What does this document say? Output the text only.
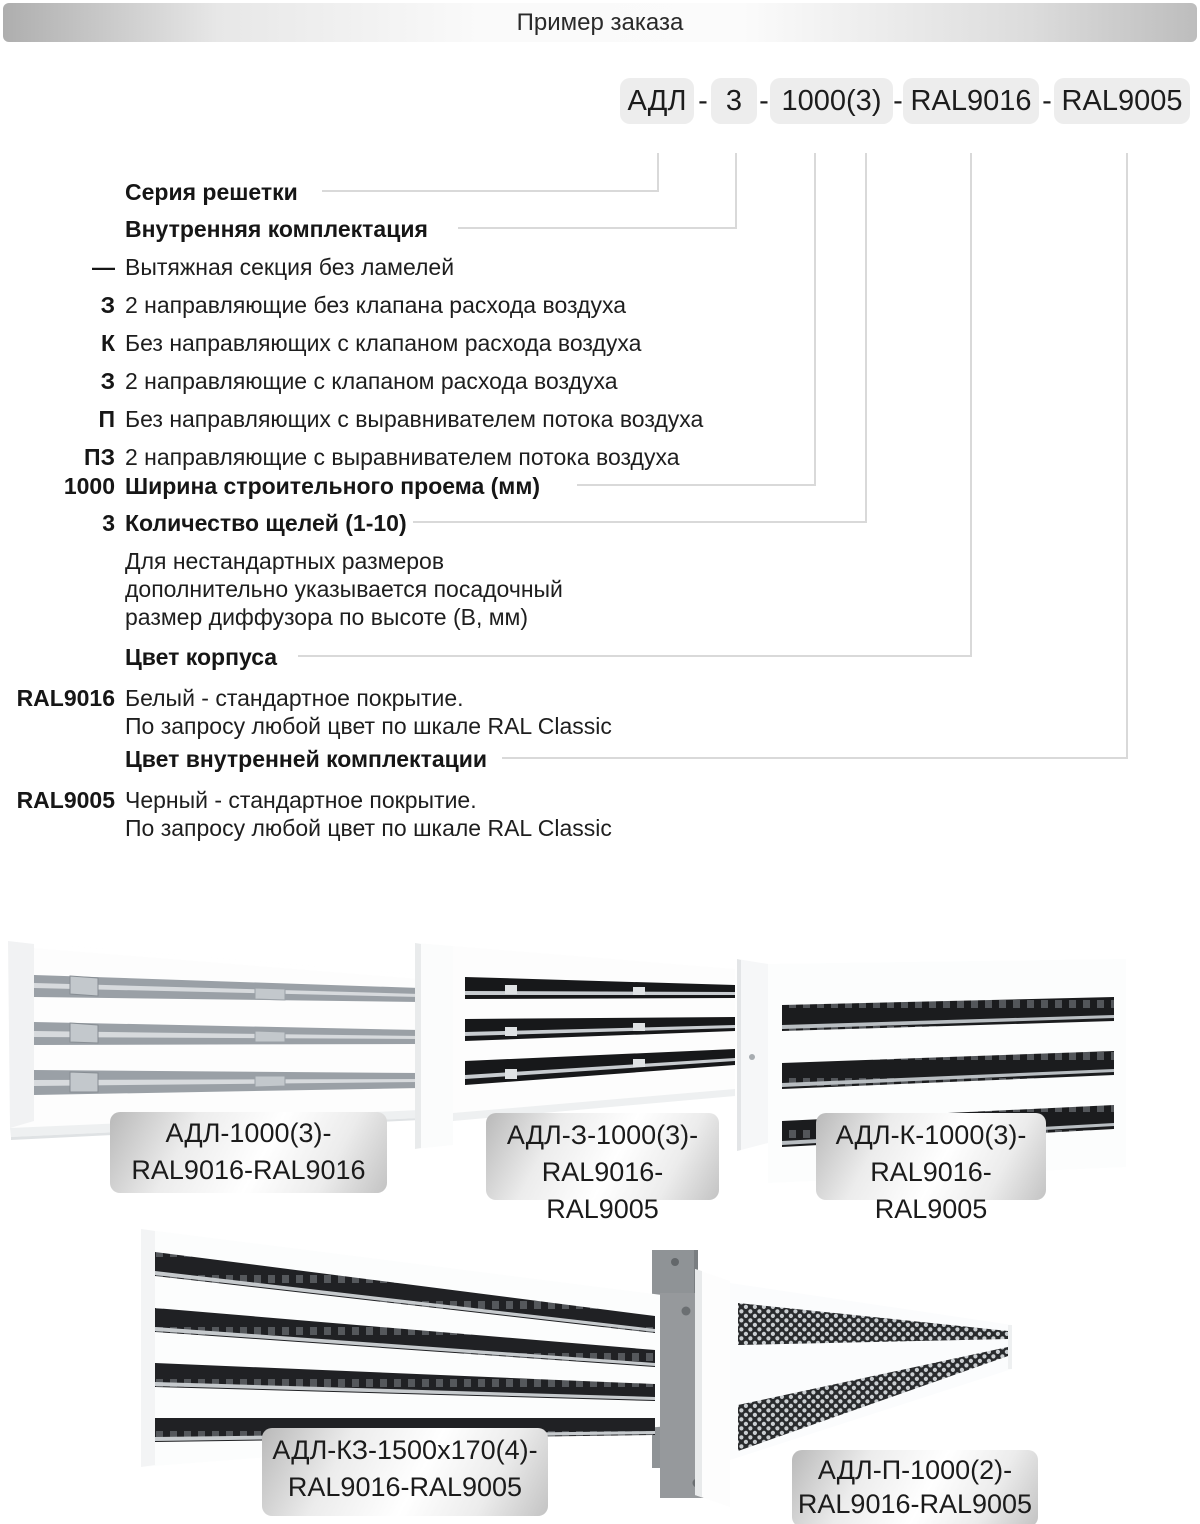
Пример заказа
АДЛ - 3 - 1000(3) - RAL9016 - RAL9005
Серия решетки
Внутренняя комплектация
— Вытяжная секция без ламелей
З 2 направляющие без клапана расхода воздуха
К Без направляющих с клапаном расхода воздуха
З 2 направляющие с клапаном расхода воздуха
П Без направляющих с выравнивателем потока воздуха
ПЗ 2 направляющие с выравнивателем потока воздуха
1000 Ширина строительного проема (мм)
3 Количество щелей (1-10)
Для нестандартных размеров
дополнительно указывается посадочный
размер диффузора по высоте (В, мм)
Цвет корпуса
RAL9016 Белый - стандартное покрытие.
По запросу любой цвет по шкале RAL Classic
Цвет внутренней комплектации
RAL9005 Черный - стандартное покрытие.
По запросу любой цвет по шкале RAL Classic
АДЛ-1000(3)-
RAL9016-RAL9016
АДЛ-З-1000(3)-
RAL9016-RAL9005
АДЛ-К-1000(3)-
RAL9016-RAL9005
АДЛ-КЗ-1500х170(4)-
RAL9016-RAL9005
АДЛ-П-1000(2)-
RAL9016-RAL9005
